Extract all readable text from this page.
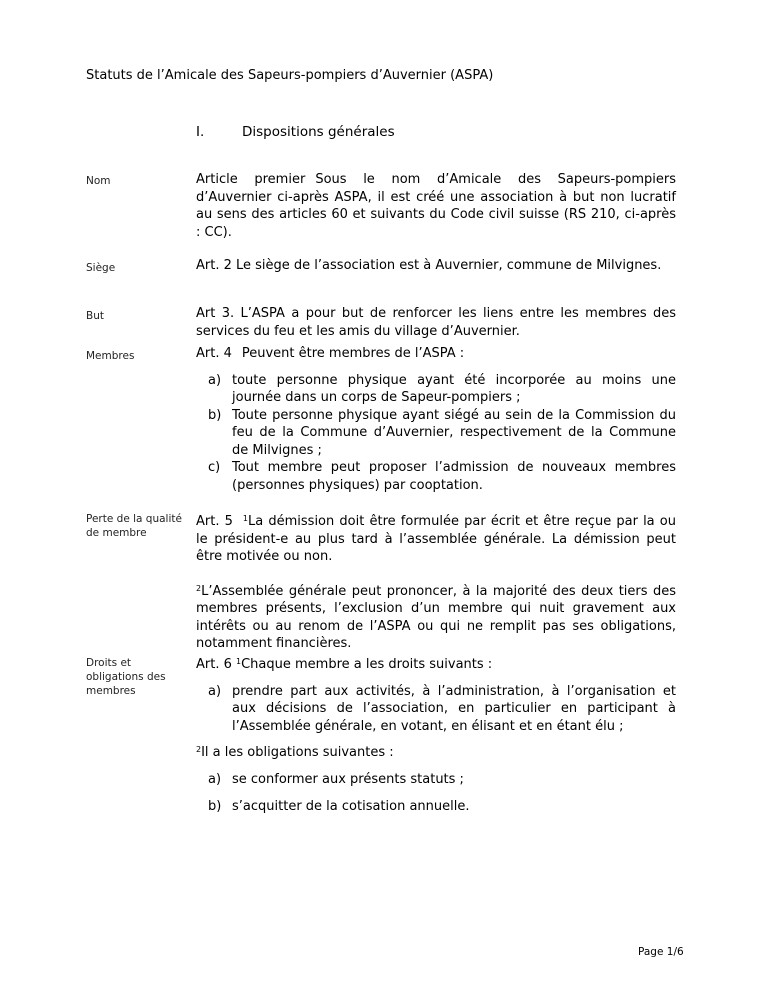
Statuts de l’Amicale des Sapeurs-pompiers d’Auvernier (ASPA)
I.	Dispositions générales
Nom	Article premier Sous le nom d’Amicale des Sapeurs-pompiers d’Auvernier ci-après ASPA, il est créé une association à but non lucratif au sens des articles 60 et suivants du Code civil suisse (RS 210, ci-après : CC).
Siège	Art. 2 Le siège de l’association est à Auvernier, commune de Milvignes.
But	Art 3. L’ASPA a pour but de renforcer les liens entre les membres des services du feu et les amis du village d’Auvernier.
Membres	Art. 4 Peuvent être membres de l’ASPA :
a) toute personne physique ayant été incorporée au moins une journée dans un corps de Sapeur-pompiers ;
b) Toute personne physique ayant siégé au sein de la Commission du feu de la Commune d’Auvernier, respectivement de la Commune de Milvignes ;
c) Tout membre peut proposer l’admission de nouveaux membres (personnes physiques) par cooptation.
Perte de la qualité de membre
Art. 5 $^1$La démission doit être formulée par écrit et être reçue par la ou le président-e au plus tard à l’assemblée générale. La démission peut être motivée ou non.
$^2$L’Assemblée générale peut prononcer, à la majorité des deux tiers des membres présents, l’exclusion d’un membre qui nuit gravement aux intérêts ou au renom de l’ASPA ou qui ne remplit pas ses obligations, notamment financières.
Droits et obligations des membres
Art. 6 $^1$Chaque membre a les droits suivants :
a) prendre part aux activités, à l’administration, à l’organisation et aux décisions de l’association, en particulier en participant à l’Assemblée générale, en votant, en élisant et en étant élu ;
$^2$Il a les obligations suivantes :
a) se conformer aux présents statuts ;
b) s’acquitter de la cotisation annuelle.
Page 1/6
